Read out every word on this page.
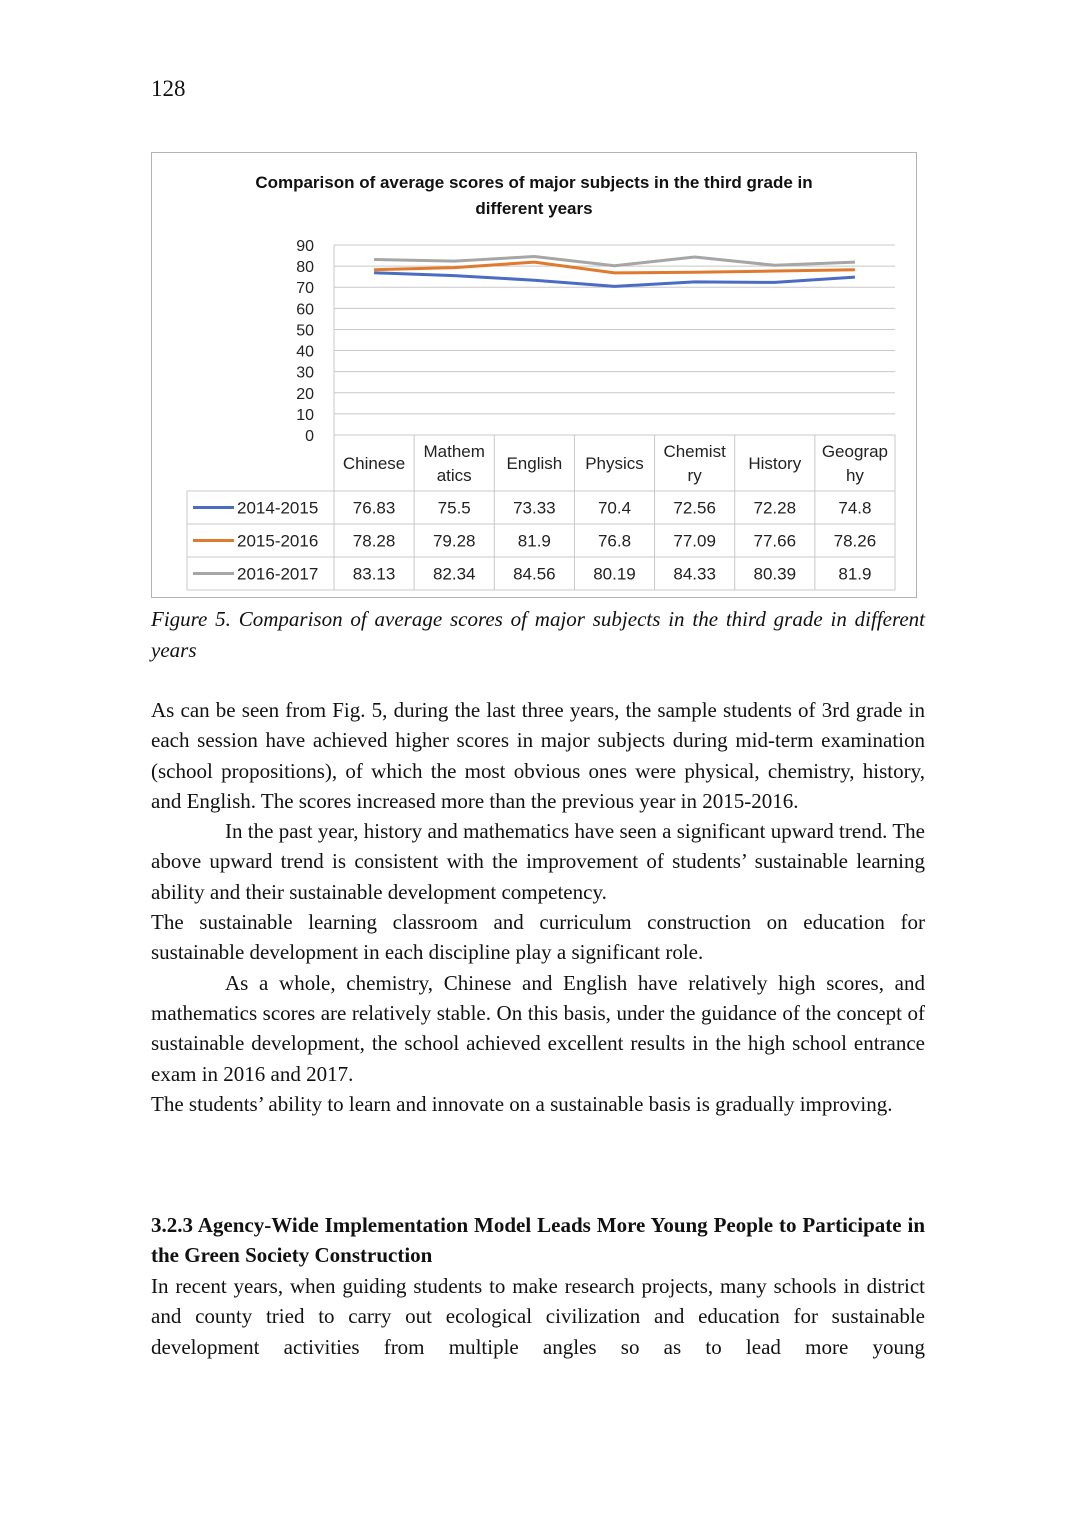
128
Comparison of average scores of major subjects in the third grade in
different years
0
10
20
30
40
50
60
70
80
90
Chinese
Mathem
atics
English Physics
Chemist
ry
History
Geograp
hy
2014-2015 76.83 75.5 73.33 70.4 72.56 72.28 74.8
2015-2016 78.28 79.28 81.9	76.8 77.09 77.66 78.26
2016-2017 83.13 82.34 84.56 80.19 84.33 80.39 81.9
Figure 5. Comparison of average scores of major subjects in the third grade in different years

As can be seen from Fig. 5, during the last three years, the sample students of 3rd grade in each session have achieved higher scores in major subjects during mid-term examination (school propositions), of which the most obvious ones were physical, chemistry, history, and English. The scores increased more than the previous year in 2015-2016.

In the past year, history and mathematics have seen a significant upward trend. The above upward trend is consistent with the improvement of students’ sustainable learning ability and their sustainable development competency.

The sustainable learning classroom and curriculum construction on education for sustainable development in each discipline play a significant role.

As a whole, chemistry, Chinese and English have relatively high scores, and mathematics scores are relatively stable. On this basis, under the guidance of the concept of sustainable development, the school achieved excellent results in the high school entrance exam in 2016 and 2017.

The students’ ability to learn and innovate on a sustainable basis is gradually improving.

3.2.3 Agency-Wide Implementation Model Leads More Young People to Participate in the Green Society Construction
In recent years, when guiding students to make research projects, many schools in district and county tried to carry out ecological civilization and education for sustainable development activities from multiple angles so as to lead more young
